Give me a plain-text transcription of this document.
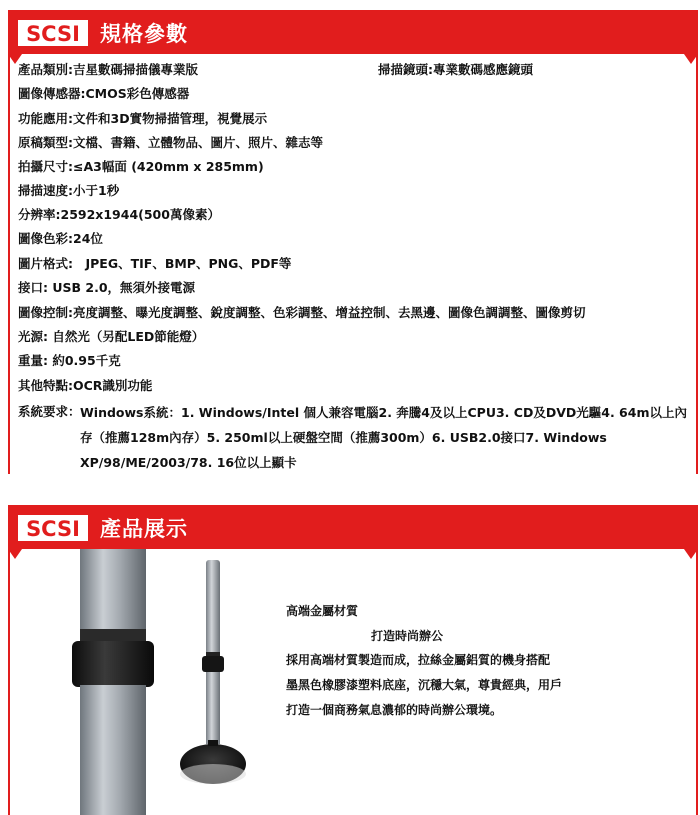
SCSI 規格參數
產品類別:吉星數碼掃描儀專業版
圖像傳感器:CMOS彩色傳感器
功能應用:文件和3D實物掃描管理，視覺展示
原稿類型:文檔、書籍、立體物品、圖片、照片、雜志等
拍攝尺寸:≤A3幅面 (420mm x 285mm)
掃描速度:小于1秒
分辨率:2592x1944(500萬像素）
圖像色彩:24位
圖片格式:　JPEG、TIF、BMP、PNG、PDF等
接口: USB 2.0，無須外接電源
圖像控制:亮度調整、曝光度調整、銳度調整、色彩調整、增益控制、去黑邊、圖像色調調整、圖像剪切
光源: 自然光（另配LED節能燈）
重量: 約0.95千克
其他特點:OCR識別功能
掃描鏡頭:專業數碼感應鏡頭
系統要求： Windows系統：1. Windows/Intel 個人兼容電腦2. 奔騰4及以上CPU3. CD及DVD光驅4. 64m以上內存（推薦128m內存）5. 250ml以上硬盤空間（推薦300m）6. USB2.0接口7. Windows XP/98/ME/2003/78. 16位以上顯卡
SCSI 產品展示
高端金屬材質
打造時尚辦公
採用高端材質製造而成，拉絲金屬鋁質的機身搭配
墨黑色橡膠漆塑料底座，沉穩大氣，尊貴經典，用戶
打造一個商務氣息濃郁的時尚辦公環境。
